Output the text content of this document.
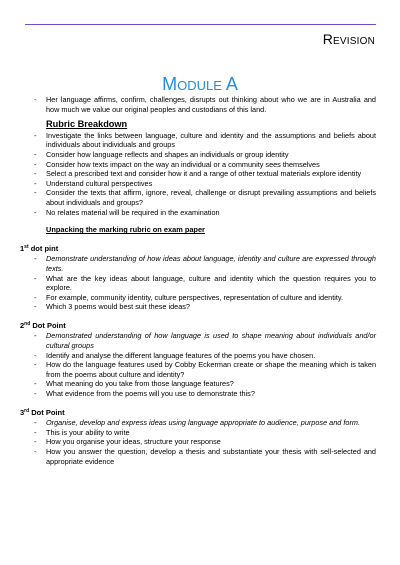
Revision
Module A
- Her language affirms, confirm, challenges, disrupts out thinking about who we are in Australia and how much we value our original peoples and custodians of this land.
Rubric Breakdown
- Investigate the links between language, culture and identity and the assumptions and beliefs about individuals about individuals and groups
- Consider how language reflects and shapes an individuals or group identity
- Consider how texts impact on the way an individual or a community sees themselves
- Select a prescribed text and consider how it and a range of other textual materials explore identity
- Understand cultural perspectives
- Consider the texts that affirm, ignore, reveal, challenge or disrupt prevailing assumptions and beliefs about individuals and groups?
- No relates material will be required in the examination
Unpacking the marking rubric on exam paper
1st dot pint
- Demonstrate understanding of how ideas about language, identity and culture are expressed through texts.
- What are the key ideas about language, culture and identity which the question requires you to explore.
- For example, community identity, culture perspectives, representation of culture and identity.
- Which 3 poems would best suit these ideas?
2nd Dot Point
- Demonstrated understanding of how language is used to shape meaning about individuals and/or cultural groups
- Identify and analyse the different language features of the poems you have chosen.
- How do the language features used by Cobby Eckerman create or shape the meaning which is taken from the poems about culture and identity?
- What meaning do you take from those language features?
- What evidence from the poems will you use to demonstrate this?
3rd Dot Point
- Organise, develop and express ideas using language appropriate to audience, purpose and form.
- This is your ability to write
- How you organise your ideas, structure your response
- How you answer the question, develop a thesis and substantiate your thesis with sell-selected and appropriate evidence
